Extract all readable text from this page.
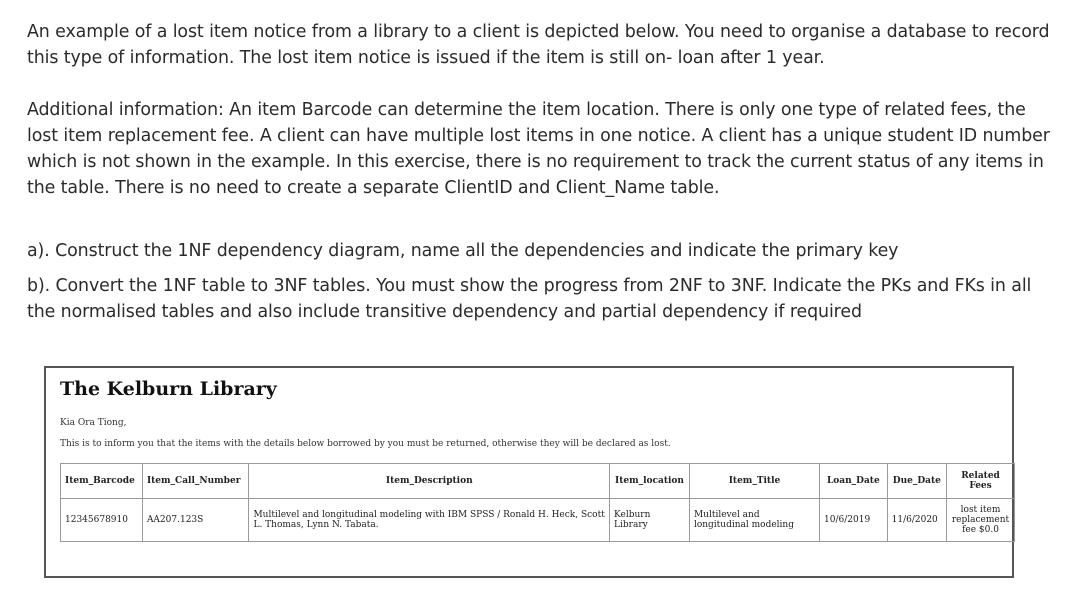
An example of a lost item notice from a library to a client is depicted below. You need to organise a database to record this type of information. The lost item notice is issued if the item is still on- loan after 1 year.

Additional information: An item Barcode can determine the item location. There is only one type of related fees, the lost item replacement fee. A client can have multiple lost items in one notice. A client has a unique student ID number which is not shown in the example. In this exercise, there is no requirement to track the current status of any items in the table. There is no need to create a separate ClientID and Client_Name table.

a). Construct the 1NF dependency diagram, name all the dependencies and indicate the primary key

b). Convert the 1NF table to 3NF tables. You must show the progress from 2NF to 3NF. Indicate the PKs and FKs in all the normalised tables and also include transitive dependency and partial dependency if required

The Kelburn Library
Kia Ora Tiong,
This is to inform you that the items with the details below borrowed by you must be returned, otherwise they will be declared as lost.
Item_Barcode	Item_Call_Number	Item_Description	Item_location	Item_Title	Loan_Date	Due_Date	Related Fees
12345678910	AA207.123S	Multilevel and longitudinal modeling with IBM SPSS / Ronald H. Heck, Scott L. Thomas, Lynn N. Tabata.	Kelburn Library	Multilevel and longitudinal modeling	10/6/2019	11/6/2020	lost item replacement fee $0.0
